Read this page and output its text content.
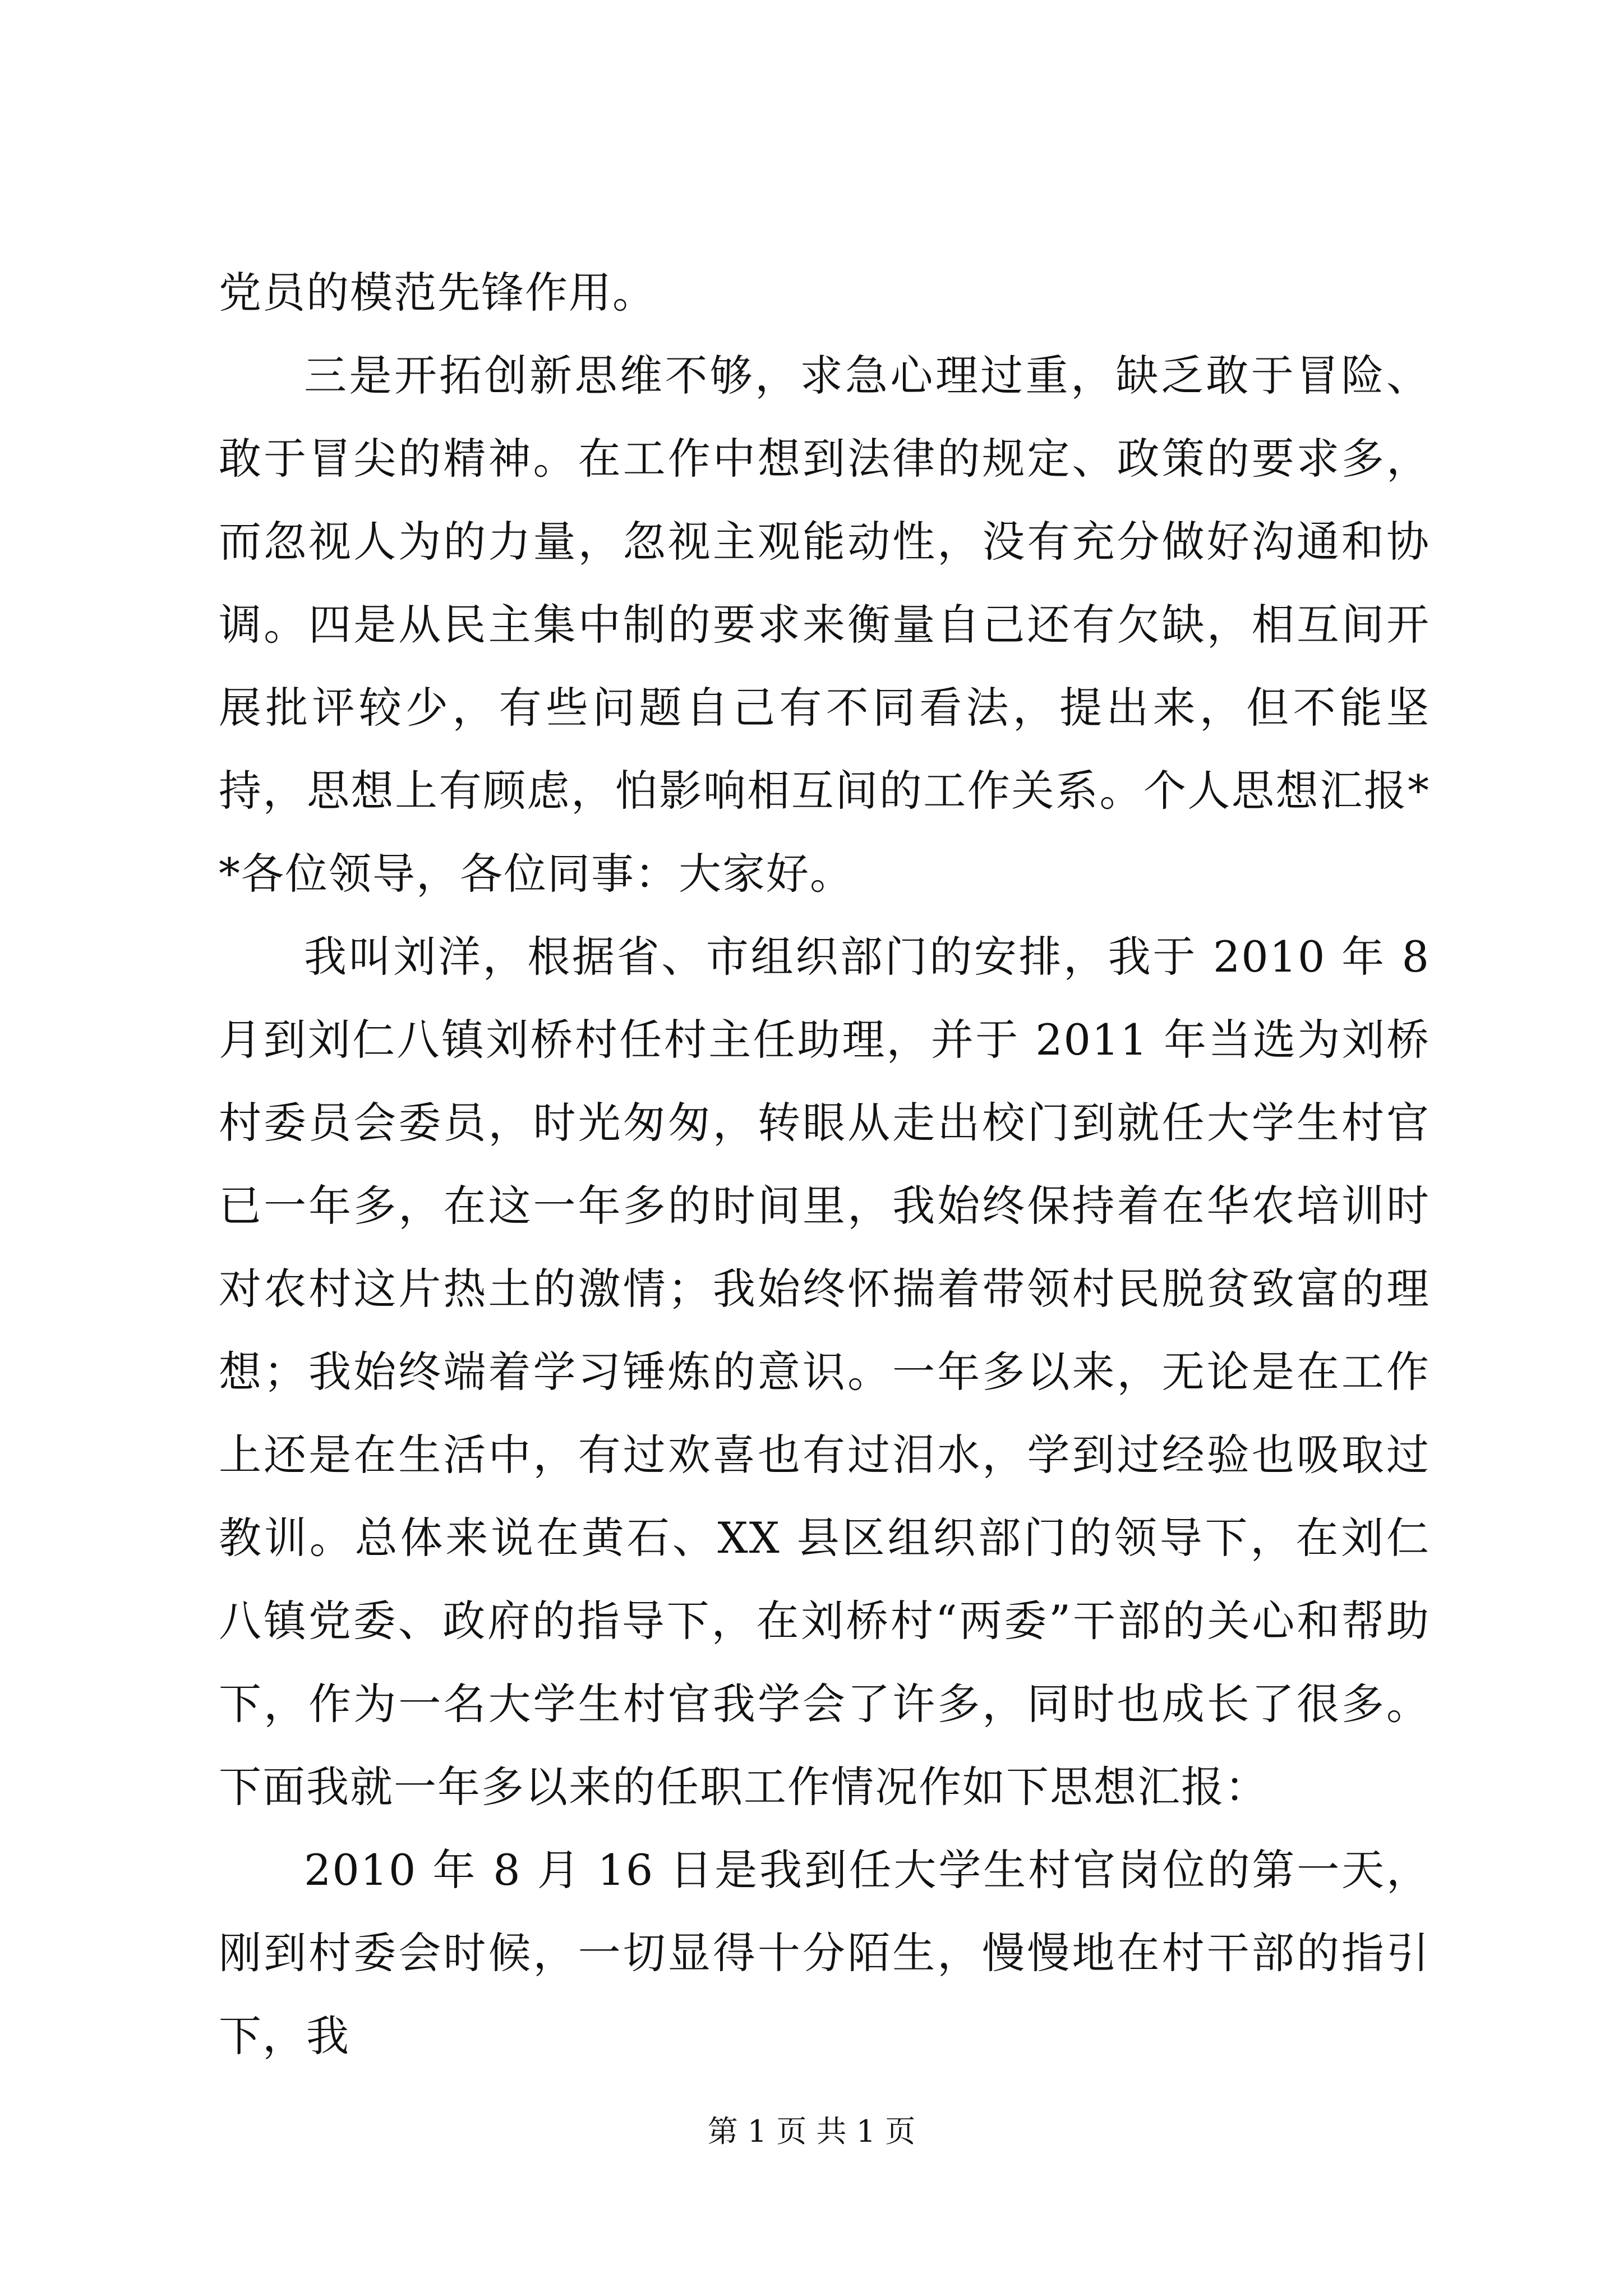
党员的模范先锋作用。

三是开拓创新思维不够，求急心理过重，缺乏敢于冒险、敢于冒尖的精神。在工作中想到法律的规定、政策的要求多，而忽视人为的力量，忽视主观能动性，没有充分做好沟通和协调。四是从民主集中制的要求来衡量自己还有欠缺，相互间开展批评较少，有些问题自己有不同看法，提出来，但不能坚持，思想上有顾虑，怕影响相互间的工作关系。个人思想汇报**各位领导，各位同事：大家好。

我叫刘洋，根据省、市组织部门的安排，我于 2010 年 8 月到刘仁八镇刘桥村任村主任助理，并于 2011 年当选为刘桥村委员会委员，时光匆匆，转眼从走出校门到就任大学生村官已一年多，在这一年多的时间里，我始终保持着在华农培训时对农村这片热土的激情；我始终怀揣着带领村民脱贫致富的理想；我始终端着学习锤炼的意识。一年多以来，无论是在工作上还是在生活中，有过欢喜也有过泪水，学到过经验也吸取过教训。总体来说在黄石、XX 县区组织部门的领导下，在刘仁八镇党委、政府的指导下，在刘桥村“两委”干部的关心和帮助下，作为一名大学生村官我学会了许多，同时也成长了很多。下面我就一年多以来的任职工作情况作如下思想汇报：

2010 年 8 月 16 日是我到任大学生村官岗位的第一天，刚到村委会时候，一切显得十分陌生，慢慢地在村干部的指引下，我

第 1 页 共 1 页
